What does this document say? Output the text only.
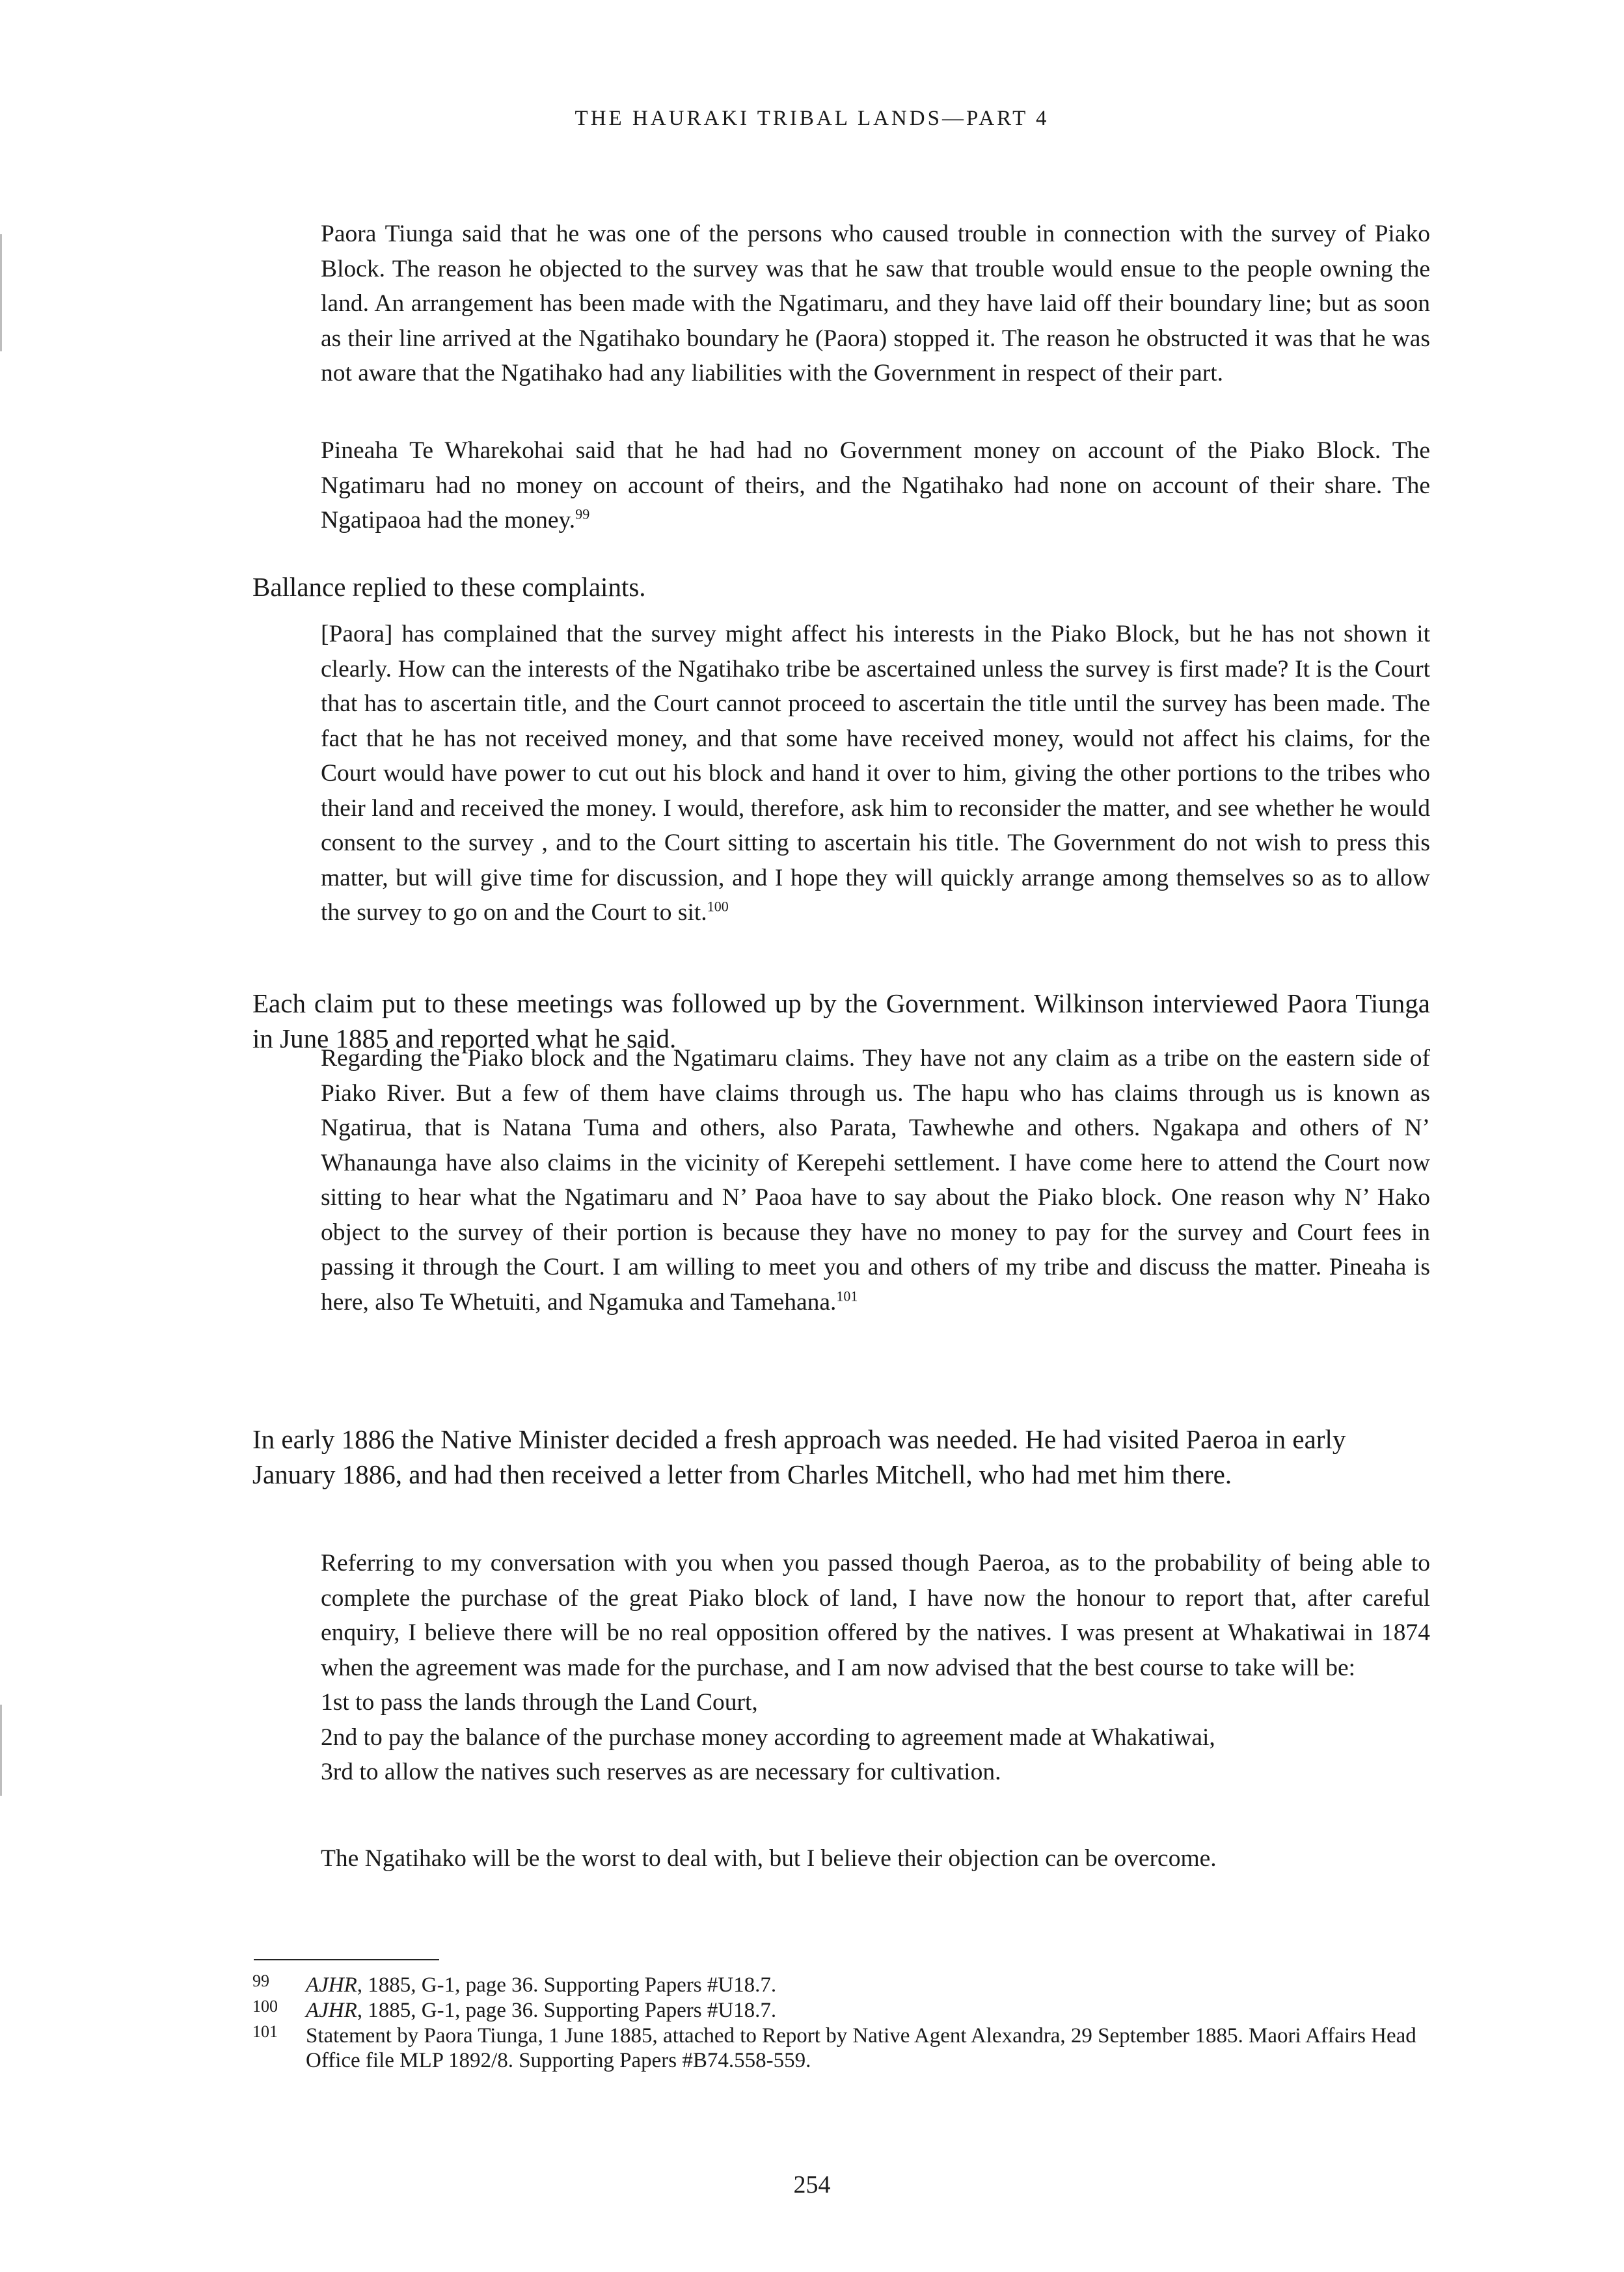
THE HAURAKI TRIBAL LANDS—PART 4

Paora Tiunga said that he was one of the persons who caused trouble in connection with the survey of Piako Block. The reason he objected to the survey was that he saw that trouble would ensue to the people owning the land. An arrangement has been made with the Ngatimaru, and they have laid off their boundary line; but as soon as their line arrived at the Ngatihako boundary he (Paora) stopped it. The reason he obstructed it was that he was not aware that the Ngatihako had any liabilities with the Government in respect of their part.

Pineaha Te Wharekohai said that he had had no Government money on account of the Piako Block. The Ngatimaru had no money on account of theirs, and the Ngatihako had none on account of their share. The Ngatipaoa had the money.$^{99}$

Ballance replied to these complaints.

[Paora] has complained that the survey might affect his interests in the Piako Block, but he has not shown it clearly. How can the interests of the Ngatihako tribe be ascertained unless the survey is first made? It is the Court that has to ascertain title, and the Court cannot proceed to ascertain the title until the survey has been made. The fact that he has not received money, and that some have received money, would not affect his claims, for the Court would have power to cut out his block and hand it over to him, giving the other portions to the tribes who their land and received the money. I would, therefore, ask him to reconsider the matter, and see whether he would consent to the survey , and to the Court sitting to ascertain his title. The Government do not wish to press this matter, but will give time for discussion, and I hope they will quickly arrange among themselves so as to allow the survey to go on and the Court to sit.$^{100}$

Each claim put to these meetings was followed up by the Government. Wilkinson interviewed Paora Tiunga in June 1885 and reported what he said.

Regarding the Piako block and the Ngatimaru claims. They have not any claim as a tribe on the eastern side of Piako River. But a few of them have claims through us. The hapu who has claims through us is known as Ngatirua, that is Natana Tuma and others, also Parata, Tawhewhe and others. Ngakapa and others of N’ Whanaunga have also claims in the vicinity of Kerepehi settlement. I have come here to attend the Court now sitting to hear what the Ngatimaru and N’ Paoa have to say about the Piako block. One reason why N’ Hako object to the survey of their portion is because they have no money to pay for the survey and Court fees in passing it through the Court. I am willing to meet you and others of my tribe and discuss the matter. Pineaha is here, also Te Whetuiti, and Ngamuka and Tamehana.$^{101}$

In early 1886 the Native Minister decided a fresh approach was needed. He had visited Paeroa in early January 1886, and had then received a letter from Charles Mitchell, who had met him there.

Referring to my conversation with you when you passed though Paeroa, as to the probability of being able to complete the purchase of the great Piako block of land, I have now the honour to report that, after careful enquiry, I believe there will be no real opposition offered by the natives. I was present at Whakatiwai in 1874 when the agreement was made for the purchase, and I am now advised that the best course to take will be:

1st to pass the lands through the Land Court,
2nd to pay the balance of the purchase money according to agreement made at Whakatiwai,
3rd to allow the natives such reserves as are necessary for cultivation.

The Ngatihako will be the worst to deal with, but I believe their objection can be overcome.

99 AJHR, 1885, G-1, page 36. Supporting Papers #U18.7.
100 AJHR, 1885, G-1, page 36. Supporting Papers #U18.7.
101 Statement by Paora Tiunga, 1 June 1885, attached to Report by Native Agent Alexandra, 29 September 1885. Maori Affairs Head Office file MLP 1892/8. Supporting Papers #B74.558-559.
254
